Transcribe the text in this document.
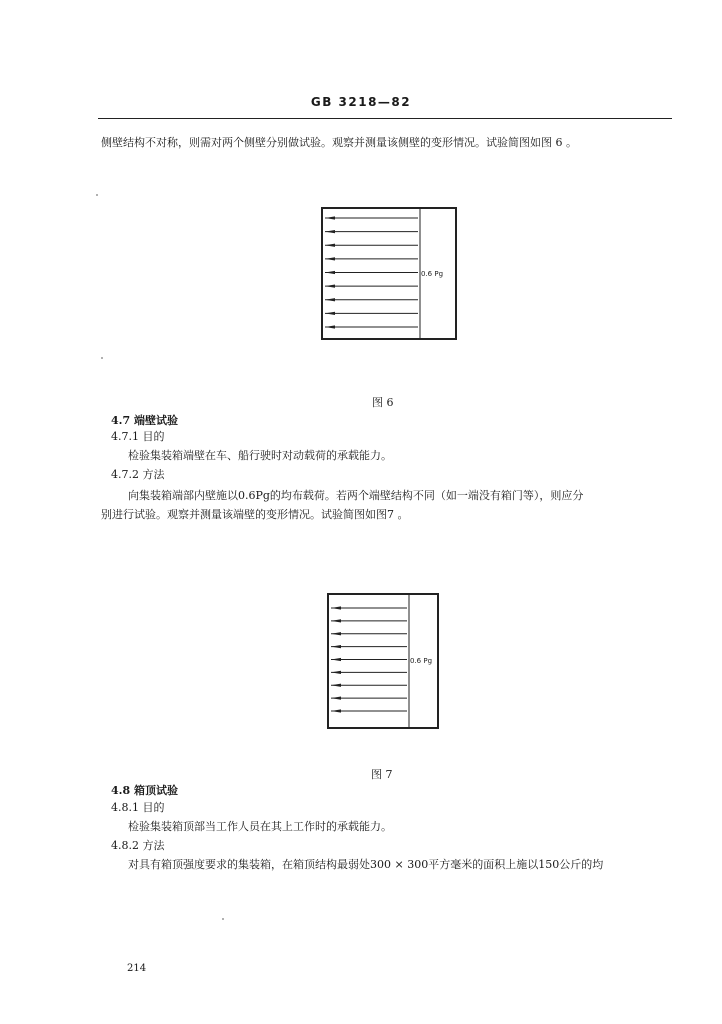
GB 3218—82
侧壁结构不对称，则需对两个侧壁分别做试验。观察并测量该侧壁的变形情况。试验简图如图 6 。
0.6 Pg
图 6
4.7 端壁试验
4.7.1 目的
检验集装箱端壁在车、船行驶时对动载荷的承载能力。
4.7.2 方法
向集装箱端部内壁施以0.6Pg的均布载荷。若两个端壁结构不同（如一端没有箱门等），则应分
别进行试验。观察并测量该端壁的变形情况。试验简图如图7 。
0.6 Pg
图 7
4.8 箱顶试验
4.8.1 目的
检验集装箱顶部当工作人员在其上工作时的承载能力。
4.8.2 方法
对具有箱顶强度要求的集装箱，在箱顶结构最弱处300 × 300平方毫米的面积上施以150公斤的均
214
